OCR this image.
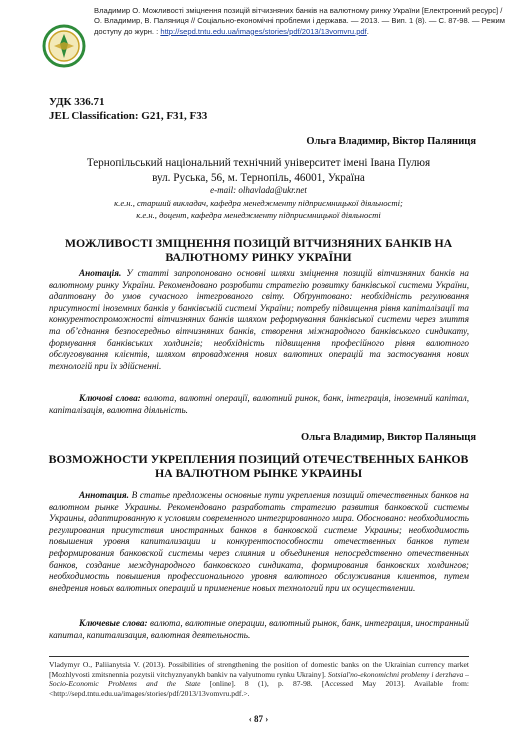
Владимир О. Можливості зміцнення позицій вітчизняних банків на валютному ринку України [Електронний ресурс] / О. Владимир, В. Паляниця // Соціально-економічні проблеми і держава. — 2013. — Вип. 1 (8). — С. 87-98. — Режим доступу до журн. : http://sepd.tntu.edu.ua/images/stories/pdf/2013/13vomvru.pdf.
УДК 336.71
JEL Classification: G21, F31, F33
Ольга Владимир, Віктор Паляниця
Тернопільський національний технічний університет імені Івана Пулюя
вул. Руська, 56, м. Тернопіль, 46001, Україна
e-mail: olhavlada@ukr.net
к.е.н., старший викладач, кафедра менеджменту підприємницької діяльності;
к.е.н., доцент, кафедра менеджменту підприємницької діяльності
МОЖЛИВОСТІ ЗМІЦНЕННЯ ПОЗИЦІЙ ВІТЧИЗНЯНИХ БАНКІВ НА ВАЛЮТНОМУ РИНКУ УКРАЇНИ
Анотація. У статті запропоновано основні шляхи зміцнення позицій вітчизняних банків на валютному ринку України. Рекомендовано розробити стратегію розвитку банківської системи України, адаптовану до умов сучасного інтегрованого світу. Обґрунтовано: необхідність регулювання присутності іноземних банків у банківській системі України; потребу підвищення рівня капіталізації та конкурентоспроможності вітчизняних банків шляхом реформування банківської системи через злиття та об’єднання безпосередньо вітчизняних банків, створення міжнародного банківського синдикату, формування банківських холдингів; необхідність підвищення професійного рівня валютного обслуговування клієнтів, шляхом впровадження нових валютних операцій та застосування нових технологій при їх здійсненні.
Ключові слова: валюта, валютні операції, валютний ринок, банк, інтеграція, іноземний капітал, капіталізація, валютна діяльність.
Ольга Владимир, Виктор Паляныця
ВОЗМОЖНОСТИ УКРЕПЛЕНИЯ ПОЗИЦИЙ ОТЕЧЕСТВЕННЫХ БАНКОВ НА ВАЛЮТНОМ РЫНКЕ УКРАИНЫ
Аннотация. В статье предложены основные пути укрепления позиций отечественных банков на валютном рынке Украины. Рекомендовано разработать стратегию развития банковской системы Украины, адаптированную к условиям современного интегрированного мира. Обосновано: необходимость регулирования присутствия иностранных банков в банковской системе Украины; необходимость повышения уровня капитализации и конкурентоспособности отечественных банков путем реформирования банковской системы через слияния и объединения непосредственно отечественных банков, создание международного банковского синдиката, формирования банковских холдингов; необходимость повышения профессионального уровня валютного обслуживания клиентов, путем внедрения новых валютных операций и применение новых технологий при их осуществлении.
Ключевые слова: валюта, валютные операции, валютный рынок, банк, интеграция, иностранный капитал, капитализация, валютная деятельность.
Vladymyr O., Paliianytsia V. (2013). Possibilities of strengthening the position of domestic banks on the Ukrainian currency market [Mozhlyvosti zmitsnennia pozytsii vitchyznyanykh bankiv na valyutnomu rynku Ukrainy]. Sotsial'no-ekonomichni problemy i derzhava – Socio-Economic Problems and the State [online]. 8 (1), p. 87-98. [Accessed May 2013]. Available from: <http://sepd.tntu.edu.ua/images/stories/pdf/2013/13vomvru.pdf.>.
‹ 87 ›
